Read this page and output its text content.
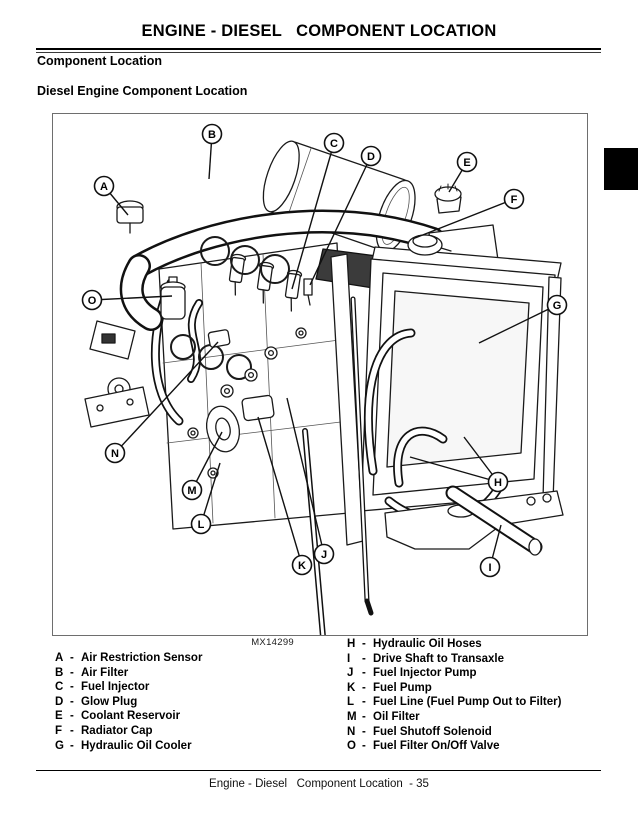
ENGINE - DIESEL   COMPONENT LOCATION
Component Location
Diesel Engine Component Location
A
B
C
D	E
F
G
H
I
J
K
L
M
N
O
MX14299
A - Air Restriction Sensor
B - Air Filter
C - Fuel Injector
D - Glow Plug
E - Coolant Reservoir
F - Radiator Cap
G - Hydraulic Oil Cooler
H - Hydraulic Oil Hoses
I	- Drive Shaft to Transaxle
J - Fuel Injector Pump
K - Fuel Pump
L - Fuel Line (Fuel Pump Out to Filter)
M - Oil Filter
N - Fuel Shutoff Solenoid
O - Fuel Filter On/Off Valve
Engine - Diesel   Component Location  - 35
